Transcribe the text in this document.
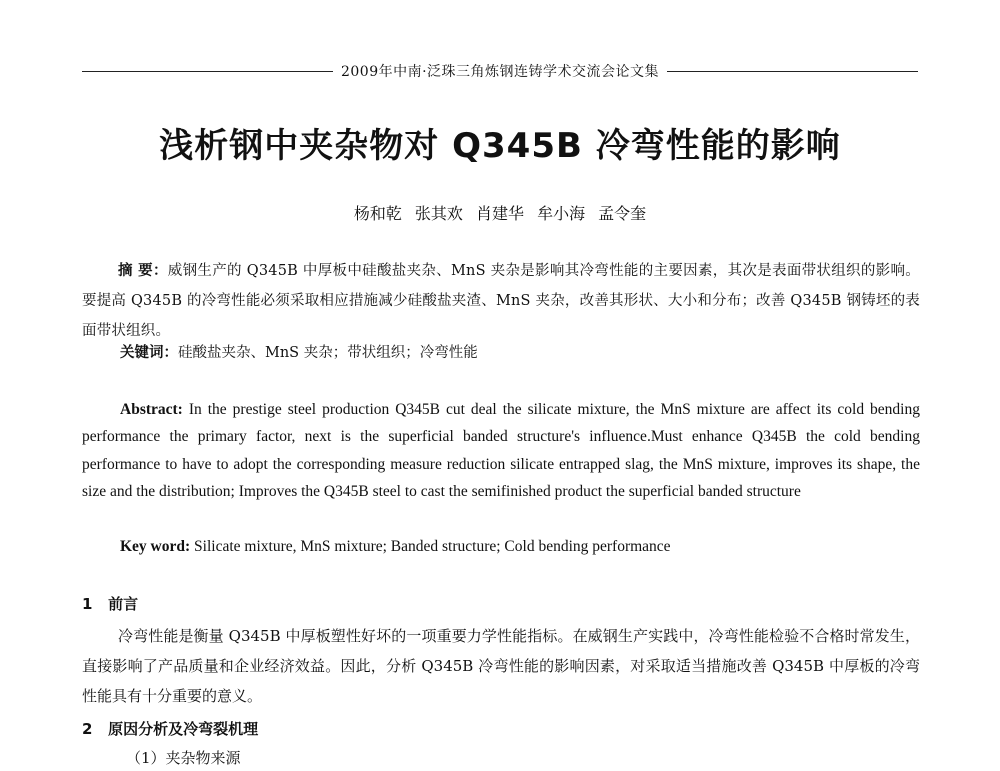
2009年中南·泛珠三角炼钢连铸学术交流会论文集
浅析钢中夹杂物对 Q345B 冷弯性能的影响
杨和乾 张其欢 肖建华 牟小海 孟令奎
摘 要：威钢生产的 Q345B 中厚板中硅酸盐夹杂、MnS 夹杂是影响其冷弯性能的主要因素，其次是表面带状组织的影响。要提高 Q345B 的冷弯性能必须采取相应措施减少硅酸盐夹渣、MnS 夹杂，改善其形状、大小和分布；改善 Q345B 钢铸坯的表面带状组织。
关键词：硅酸盐夹杂、MnS 夹杂；带状组织；冷弯性能
Abstract: In the prestige steel production Q345B cut deal the silicate mixture, the MnS mixture are affect its cold bending performance the primary factor, next is the superficial banded structure's influence.Must enhance Q345B the cold bending performance to have to adopt the corresponding measure reduction silicate entrapped slag, the MnS mixture, improves its shape, the size and the distribution; Improves the Q345B steel to cast the semifinished product the superficial banded structure
Key word: Silicate mixture, MnS mixture; Banded structure; Cold bending performance
1   前言
冷弯性能是衡量 Q345B 中厚板塑性好坏的一项重要力学性能指标。在威钢生产实践中，冷弯性能检验不合格时常发生，直接影响了产品质量和企业经济效益。因此，分析 Q345B 冷弯性能的影响因素，对采取适当措施改善 Q345B 中厚板的冷弯性能具有十分重要的意义。
2   原因分析及冷弯裂机理
（1）夹杂物来源
